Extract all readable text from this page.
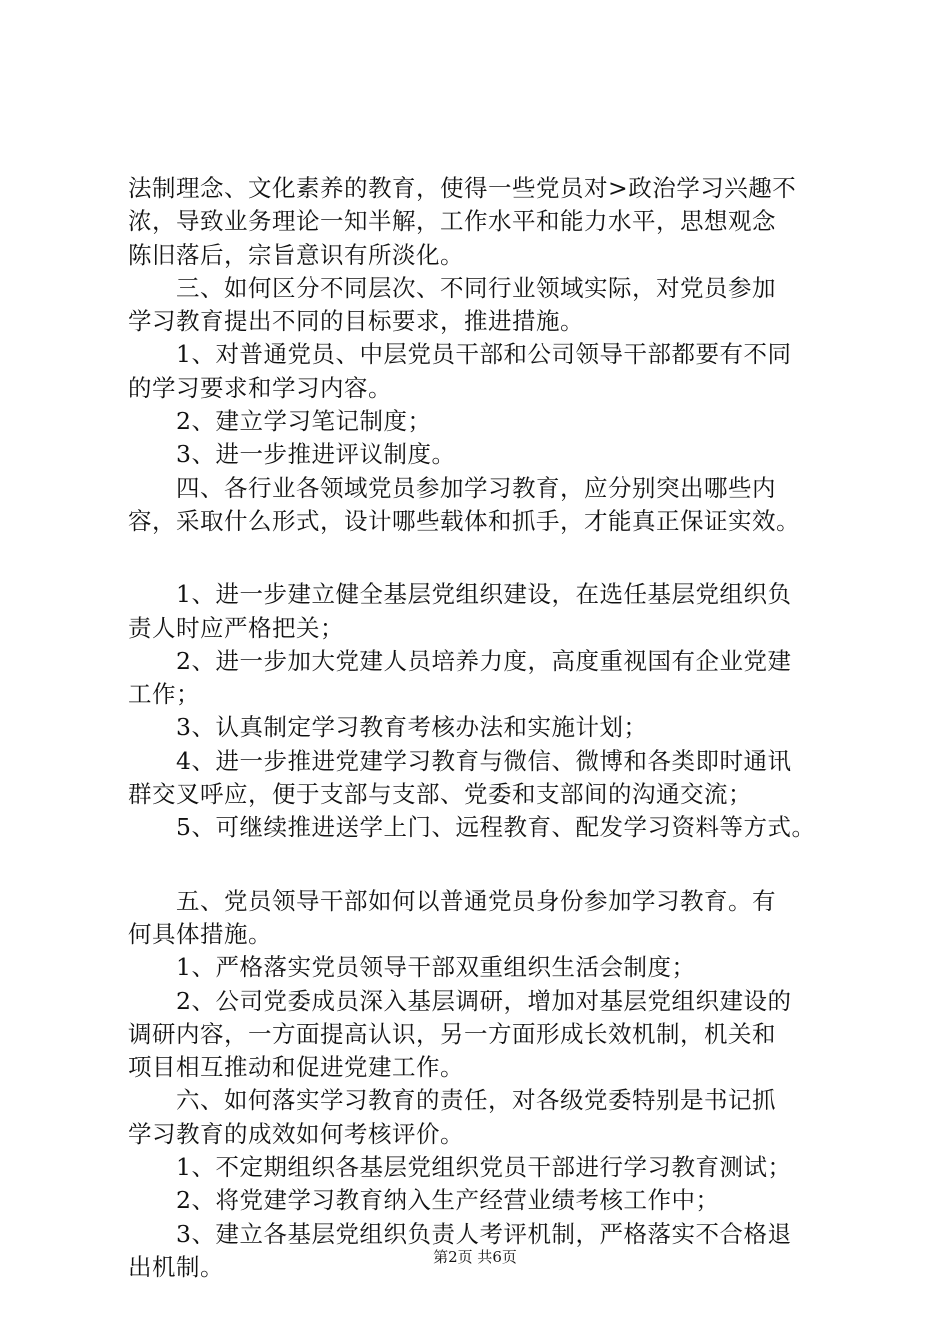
法制理念、文化素养的教育，使得一些党员对>政治学习兴趣不
浓，导致业务理论一知半解，工作水平和能力水平，思想观念
陈旧落后，宗旨意识有所淡化。
　　三、如何区分不同层次、不同行业领域实际，对党员参加
学习教育提出不同的目标要求，推进措施。
　　1、对普通党员、中层党员干部和公司领导干部都要有不同
的学习要求和学习内容。
　　2、建立学习笔记制度；
　　3、进一步推进评议制度。
　　四、各行业各领域党员参加学习教育，应分别突出哪些内
容，采取什么形式，设计哪些载体和抓手，才能真正保证实效。
　　1、进一步建立健全基层党组织建设，在选任基层党组织负
责人时应严格把关；
　　2、进一步加大党建人员培养力度，高度重视国有企业党建
工作；
　　3、认真制定学习教育考核办法和实施计划；
　　4、进一步推进党建学习教育与微信、微博和各类即时通讯
群交叉呼应，便于支部与支部、党委和支部间的沟通交流；
　　5、可继续推进送学上门、远程教育、配发学习资料等方式。
　　五、党员领导干部如何以普通党员身份参加学习教育。有
何具体措施。
　　1、严格落实党员领导干部双重组织生活会制度；
　　2、公司党委成员深入基层调研，增加对基层党组织建设的
调研内容，一方面提高认识，另一方面形成长效机制，机关和
项目相互推动和促进党建工作。
　　六、如何落实学习教育的责任，对各级党委特别是书记抓
学习教育的成效如何考核评价。
　　1、不定期组织各基层党组织党员干部进行学习教育测试；
　　2、将党建学习教育纳入生产经营业绩考核工作中；
　　3、建立各基层党组织负责人考评机制，严格落实不合格退
出机制。	第2页 共6页
